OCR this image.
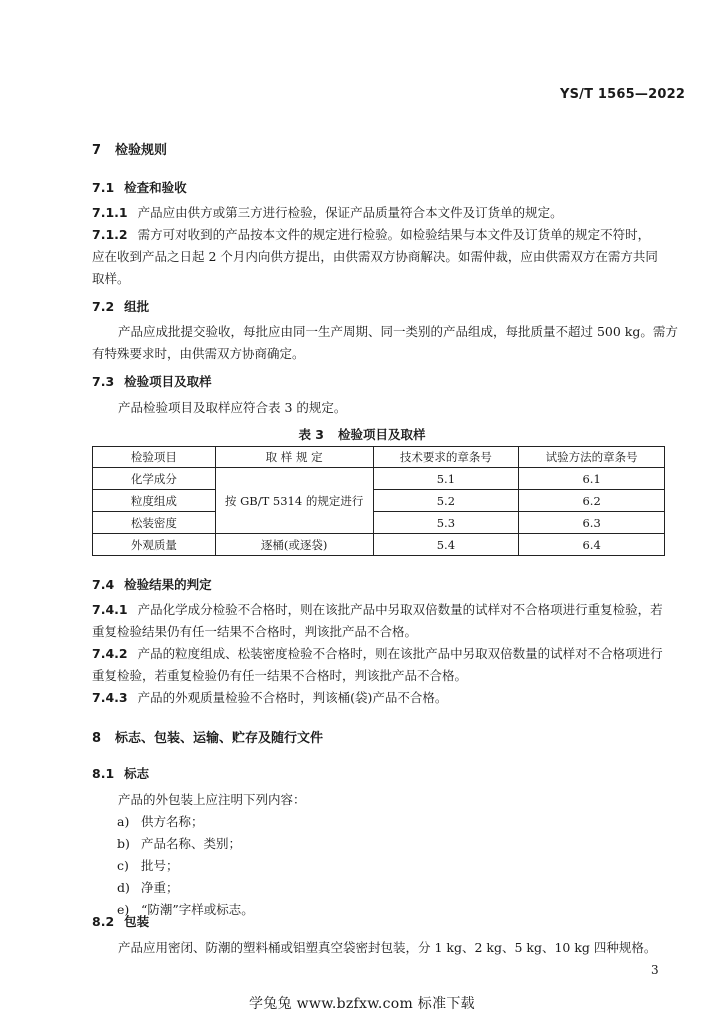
YS/T 1565—2022
7 检验规则
7.1 检查和验收
7.1.1 产品应由供方或第三方进行检验，保证产品质量符合本文件及订货单的规定。
7.1.2 需方可对收到的产品按本文件的规定进行检验。如检验结果与本文件及订货单的规定不符时，
应在收到产品之日起 2 个月内向供方提出，由供需双方协商解决。如需仲裁，应由供需双方在需方共同
取样。
7.2 组批
产品应成批提交验收，每批应由同一生产周期、同一类别的产品组成，每批质量不超过 500 kg。需方
有特殊要求时，由供需双方协商确定。
7.3 检验项目及取样
产品检验项目及取样应符合表 3 的规定。
表 3 检验项目及取样
检验项目	取 样 规 定	技术要求的章条号	试验方法的章条号
化学成分	按 GB/T 5314 的规定进行	5.1	6.1
粒度组成		5.2	6.2
松装密度		5.3	6.3
外观质量	逐桶(或逐袋)	5.4	6.4
7.4 检验结果的判定
7.4.1 产品化学成分检验不合格时，则在该批产品中另取双倍数量的试样对不合格项进行重复检验，若
重复检验结果仍有任一结果不合格时，判该批产品不合格。
7.4.2 产品的粒度组成、松装密度检验不合格时，则在该批产品中另取双倍数量的试样对不合格项进行
重复检验，若重复检验仍有任一结果不合格时，判该批产品不合格。
7.4.3 产品的外观质量检验不合格时，判该桶(袋)产品不合格。
8 标志、包装、运输、贮存及随行文件
8.1 标志
产品的外包装上应注明下列内容：
a) 供方名称；
b) 产品名称、类别；
c) 批号；
d) 净重；
e) “防潮”字样或标志。
8.2 包装
产品应用密闭、防潮的塑料桶或铝塑真空袋密封包装，分 1 kg、2 kg、5 kg、10 kg 四种规格。
3
学兔兔 www.bzfxw.com 标准下载
